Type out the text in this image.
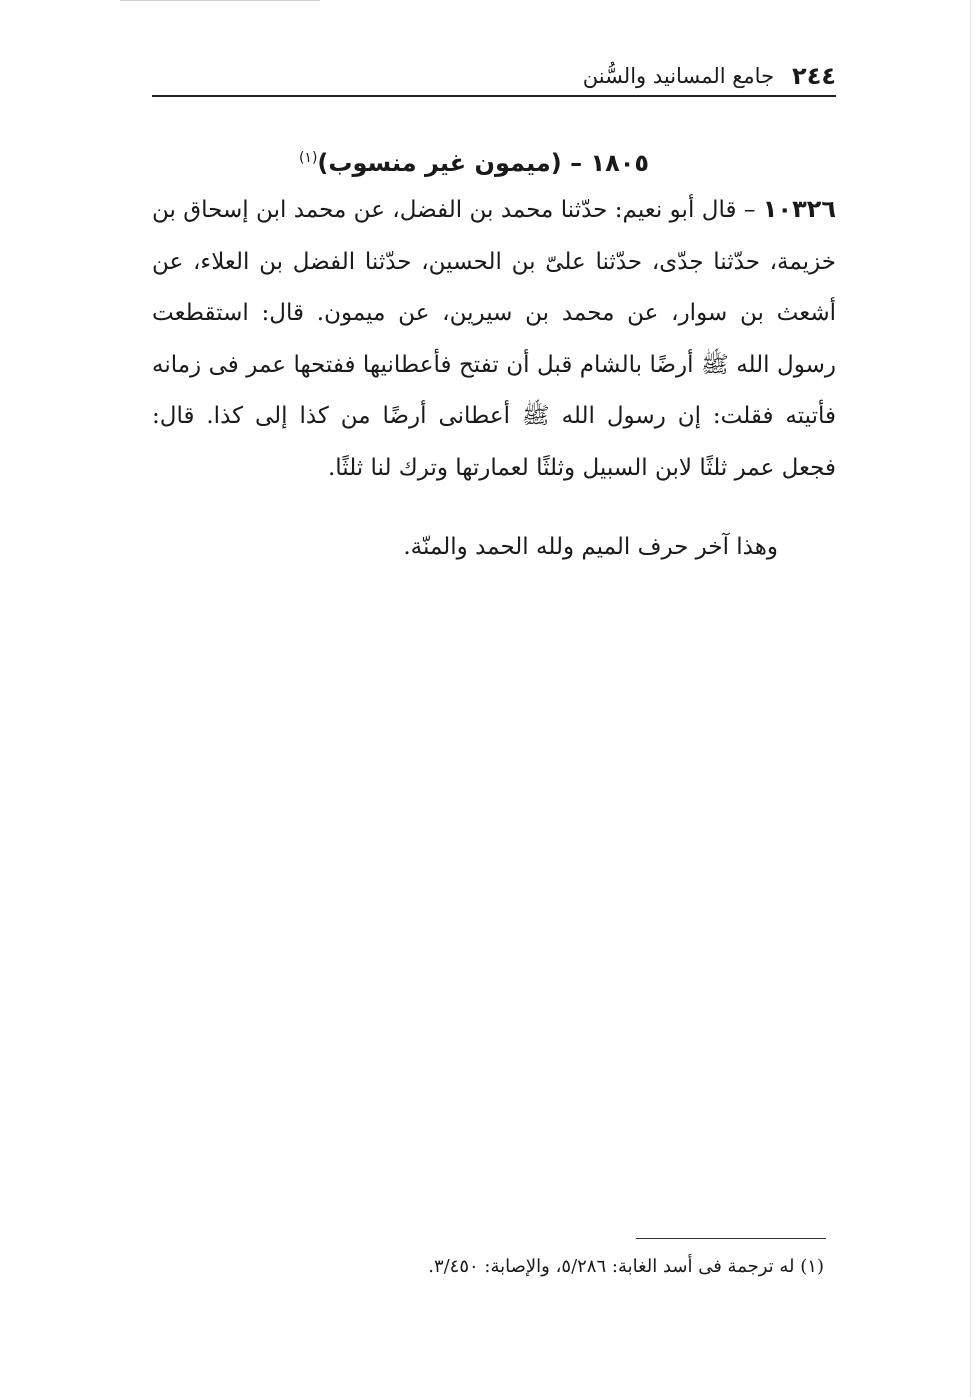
٢٤٤
جامع المسانيد والسُّنن
١٨٠٥ – (ميمون غير منسوب)$^{(١)}$

١٠٣٢٦ – قال أبو نعيم: حدّثنا محمد بن الفضل، عن محمد ابن إسحاق بن خزيمة، حدّثنا جدّى، حدّثنا علىّ بن الحسين، حدّثنا الفضل بن العلاء، عن أشعث بن سوار، عن محمد بن سيرين، عن ميمون. قال: استقطعت رسول الله ﷺ أرضًا بالشام قبل أن تفتح فأعطانيها ففتحها عمر فى زمانه فأتيته فقلت: إن رسول الله ﷺ أعطانى أرضًا من كذا إلى كذا. قال: فجعل عمر ثلثًا لابن السبيل وثلثًا لعمارتها وترك لنا ثلثًا.

وهذا آخر حرف الميم ولله الحمد والمنّة.

(١) له ترجمة فى أسد الغابة: ٥/٢٨٦، والإصابة: ٣/٤٥٠.
